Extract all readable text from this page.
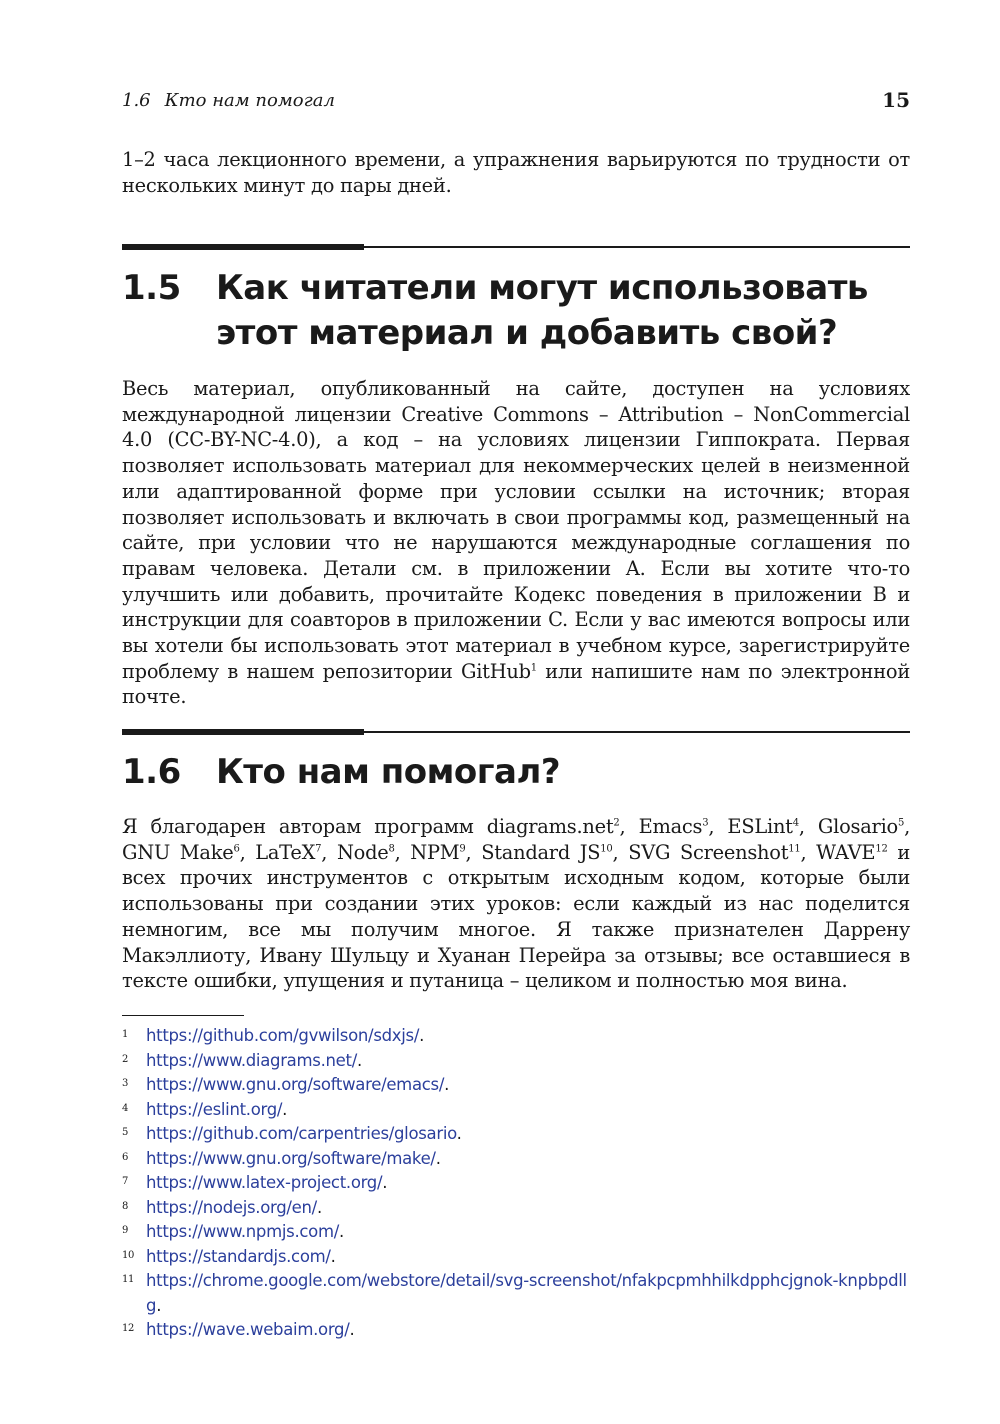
1.6 Кто нам помогал	15

1–2 часа лекционного времени, а упражнения варьируются по трудности от нескольких минут до пары дней.

1.5 Как читатели могут использовать
этот материал и добавить свой?

Весь материал, опубликованный на сайте, доступен на условиях международной лицензии Creative Commons – Attribution – NonCommercial 4.0 (CC-BY-NC-4.0), а код – на условиях лицензии Гиппократа. Первая позволяет использовать материал для некоммерческих целей в неизменной или адаптированной форме при условии ссылки на источник; вторая позволяет использовать и включать в свои программы код, размещенный на сайте, при условии что не нарушаются международные соглашения по правам человека. Детали см. в приложении A. Если вы хотите что-то улучшить или добавить, прочитайте Кодекс поведения в приложении B и инструкции для соавторов в приложении C. Если у вас имеются вопросы или вы хотели бы использовать этот материал в учебном курсе, зарегистрируйте проблему в нашем репозитории GitHub$^1$ или напишите нам по электронной почте.

1.6 Кто нам помогал?

Я благодарен авторам программ diagrams.net$^2$, Emacs$^3$, ESLint$^4$, Glosario$^5$, GNU Make$^6$, LaTeX$^7$, Node$^8$, NPM$^9$, Standard JS$^{10}$, SVG Screenshot$^{11}$, WAVE$^{12}$ и всех прочих инструментов с открытым исходным кодом, которые были использованы при создании этих уроков: если каждый из нас поделится немногим, все мы получим многое. Я также признателен Даррену Макэллиоту, Ивану Шульцу и Хуанан Перейра за отзывы; все оставшиеся в тексте ошибки, упущения и путаница – целиком и полностью моя вина.

1 https://github.com/gvwilson/sdxjs/.
2 https://www.diagrams.net/.
3 https://www.gnu.org/software/emacs/.
4 https://eslint.org/.
5 https://github.com/carpentries/glosario.
6 https://www.gnu.org/software/make/.
7 https://www.latex-project.org/.
8 https://nodejs.org/en/.
9 https://www.npmjs.com/.
10 https://standardjs.com/.
11 https://chrome.google.com/webstore/detail/svg-screenshot/nfakpcpmhhilkdpphcjgnok-knpbpdllg.
12 https://wave.webaim.org/.
